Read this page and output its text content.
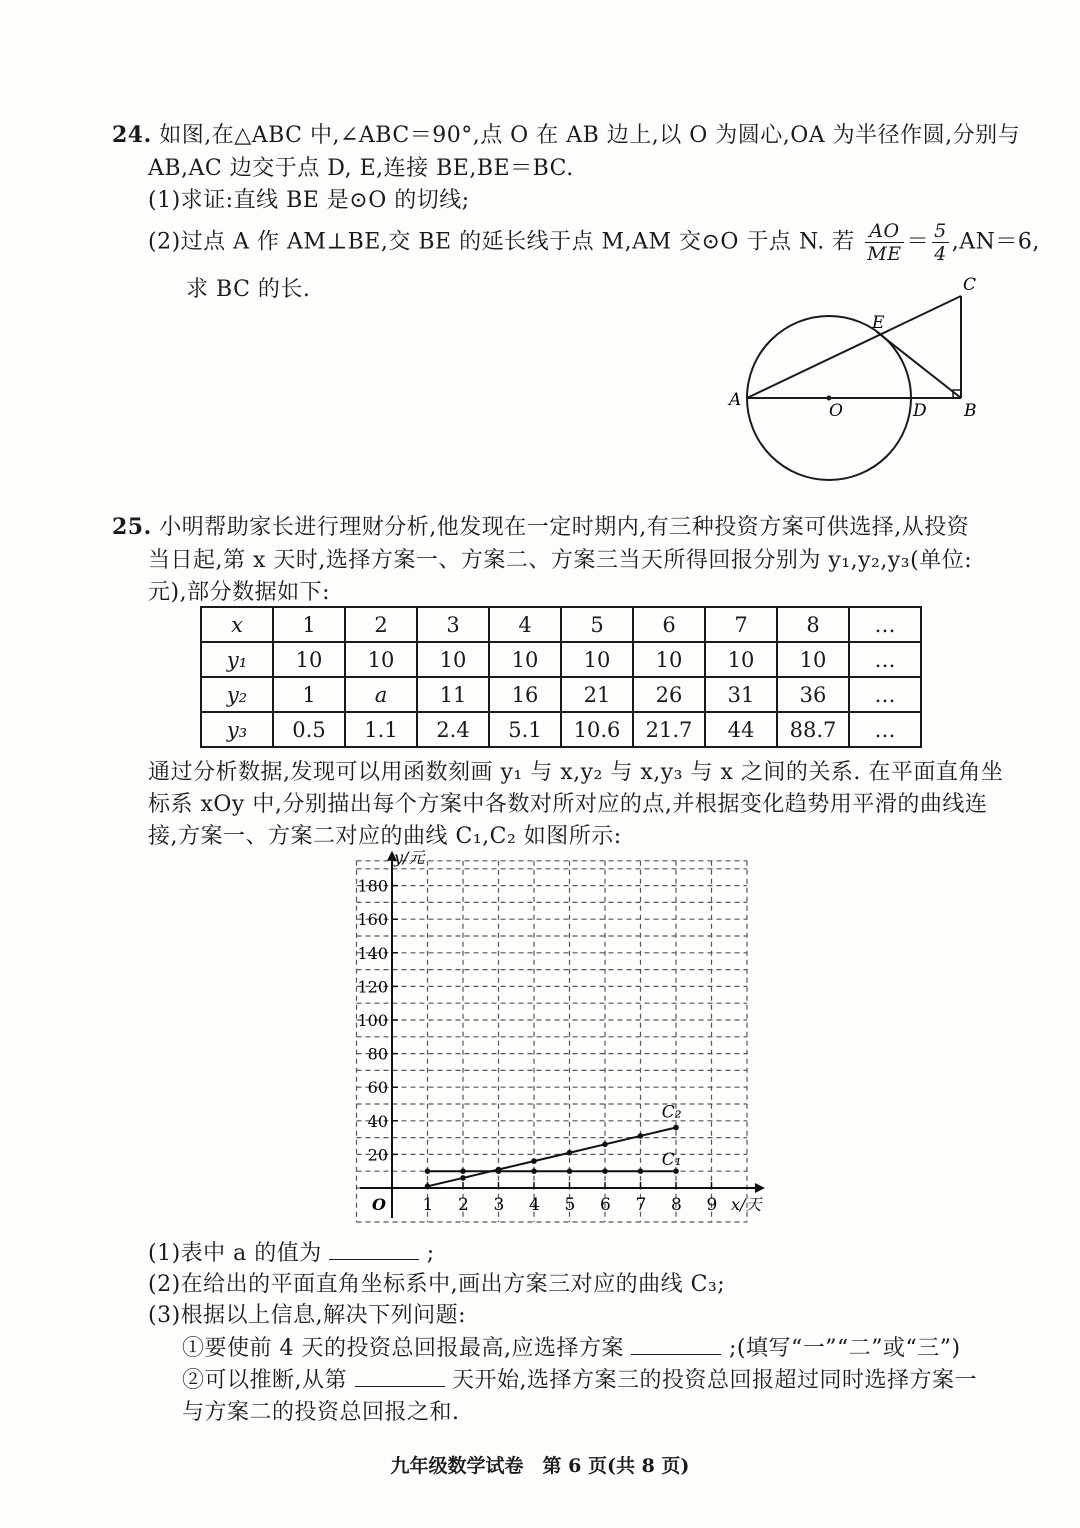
24. 如图,在△ABC 中,∠ABC＝90°,点 O 在 AB 边上,以 O 为圆心,OA 为半径作圆,分别与
AB,AC 边交于点 D, E,连接 BE,BE＝BC.
(1)求证:直线 BE 是⊙O 的切线;
(2)过点 A 作 AM⊥BE,交 BE 的延长线于点 M,AM 交⊙O 于点 N. 若 $\frac{AO}{ME} = \frac{5}{4} ,AN=6$,
求 BC 的长.
A
B
C
D
E
O
25. 小明帮助家长进行理财分析,他发现在一定时期内,有三种投资方案可供选择,从投资
当日起,第 x 天时,选择方案一、方案二、方案三当天所得回报分别为 y₁,y₂,y₃(单位:
元),部分数据如下:
x	1	2	3	4	5	6	7	8	…
y₁	10	10	10	10	10	10	10	10	…
y₂	1	a	11	16	21	26	31	36	…
y₃	0.5	1.1	2.4	5.1	10.6	21.7	44	88.7	…
通过分析数据,发现可以用函数刻画 y₁ 与 x,y₂ 与 x,y₃ 与 x 之间的关系. 在平面直角坐
标系 xOy 中,分别描出每个方案中各数对所对应的点,并根据变化趋势用平滑的曲线连
接,方案一、方案二对应的曲线 C₁,C₂ 如图所示:
1 2 3 4 5 6 7 8 9
20
40
60
80
100
120
140
160
180
y/元
x/天
O
C₁
C₂
(1)表中 a 的值为	;
(2)在给出的平面直角坐标系中,画出方案三对应的曲线 C₃;
(3)根据以上信息,解决下列问题:
①要使前 4 天的投资总回报最高,应选择方案	;(填写“一”“二”或“三”)
②可以推断,从第	天开始,选择方案三的投资总回报超过同时选择方案一
与方案二的投资总回报之和.
九年级数学试卷　第 6 页(共 8 页)
